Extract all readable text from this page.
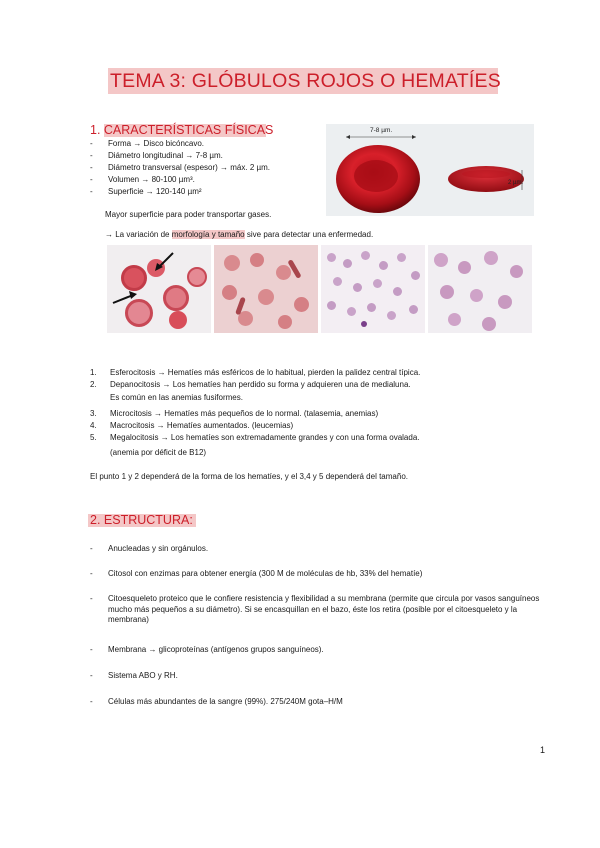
TEMA 3: GLÓBULOS ROJOS O HEMATÍES
1. CARACTERÍSTICAS FÍSICAS
- Forma → Disco bicóncavo.
- Diámetro longitudinal → 7-8 µm.
- Diámetro transversal (espesor) → máx. 2 µm.
- Volumen → 80-100 µm³.
- Superficie → 120-140 µm²
Mayor superficie para poder transportar gases.
→ La variación de morfología y tamaño sive para detectar una enfermedad.
7-8 µm.
2 µm.
1. Esferocitosis → Hematíes más esféricos de lo habitual, pierden la palidez central típica.
2. Depanocitosis → Los hematíes han perdido su forma y adquieren una de medialuna.
Es común en las anemias fusiformes.
3. Microcitosis → Hematíes más pequeños de lo normal. (talasemia, anemias)
4. Macrocitosis → Hematíes aumentados. (leucemias)
5. Megalocitosis → Los hematíes son extremadamente grandes y con una forma ovalada.
(anemia por déficit de B12)
El punto 1 y 2 dependerá de la forma de los hematíes, y el 3,4 y 5 dependerá del tamaño.
2. ESTRUCTURA:
- Anucleadas y sin orgánulos.
- Citosol con enzimas para obtener energía (300 M de moléculas de hb, 33% del hematíe)
- Citoesqueleto proteico que le confiere resistencia y flexibilidad a su membrana (permite que circula por vasos sanguíneos mucho más pequeños a su diámetro). Si se encasquillan en el bazo, éste los retira (posible por el citoesqueleto y la membrana)
- Membrana → glicoproteínas (antígenos grupos sanguíneos).
- Sistema ABO y RH.
- Células más abundantes de la sangre (99%). 275/240M gota–H/M
1
